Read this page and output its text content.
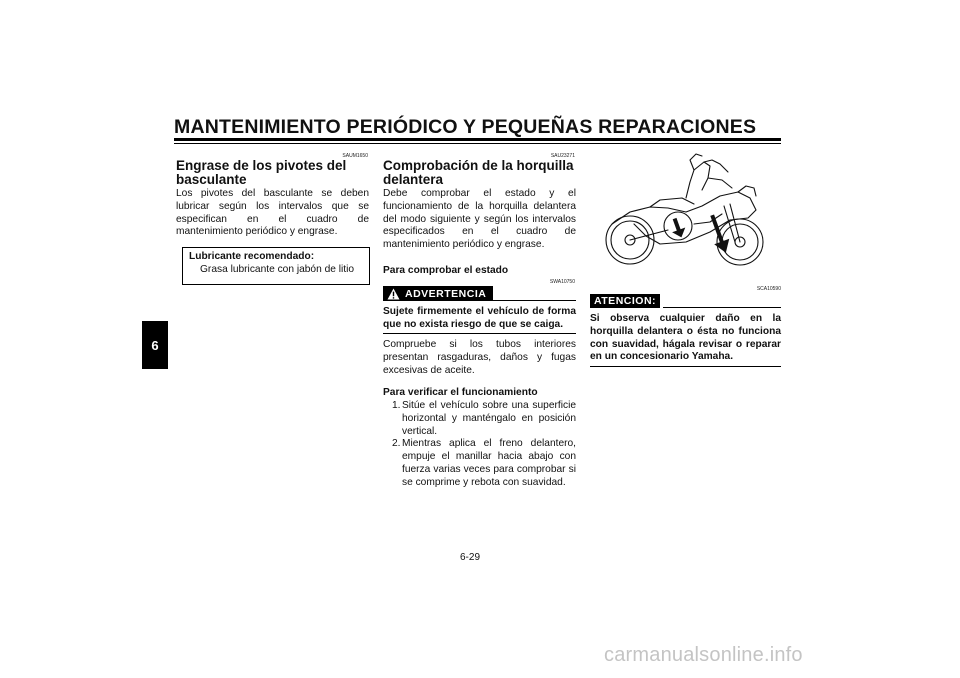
MANTENIMIENTO PERIÓDICO Y PEQUEÑAS REPARACIONES
6
SAUM1650
Engrase de los pivotes del basculante
Los pivotes del basculante se deben lubricar según los intervalos que se especifican en el cuadro de mantenimiento periódico y engrase.
Lubricante recomendado:
Grasa lubricante con jabón de litio
SAU23271
Comprobación de la horquilla delantera
Debe comprobar el estado y el funcionamiento de la horquilla delantera del modo siguiente y según los intervalos especificados en el cuadro de mantenimiento periódico y engrase.
Para comprobar el estado
SWA10750
ADVERTENCIA
Sujete firmemente el vehículo de forma que no exista riesgo de que se caiga.
Compruebe si los tubos interiores presentan rasgaduras, daños y fugas excesivas de aceite.
Para verificar el funcionamiento
1. Sitúe el vehículo sobre una superficie horizontal y manténgalo en posición vertical.
2. Mientras aplica el freno delantero, empuje el manillar hacia abajo con fuerza varias veces para comprobar si se comprime y rebota con suavidad.
SCA10590
ATENCION:
Si observa cualquier daño en la horquilla delantera o ésta no funciona con suavidad, hágala revisar o reparar en un concesionario Yamaha.
6-29
carmanualsonline.info
